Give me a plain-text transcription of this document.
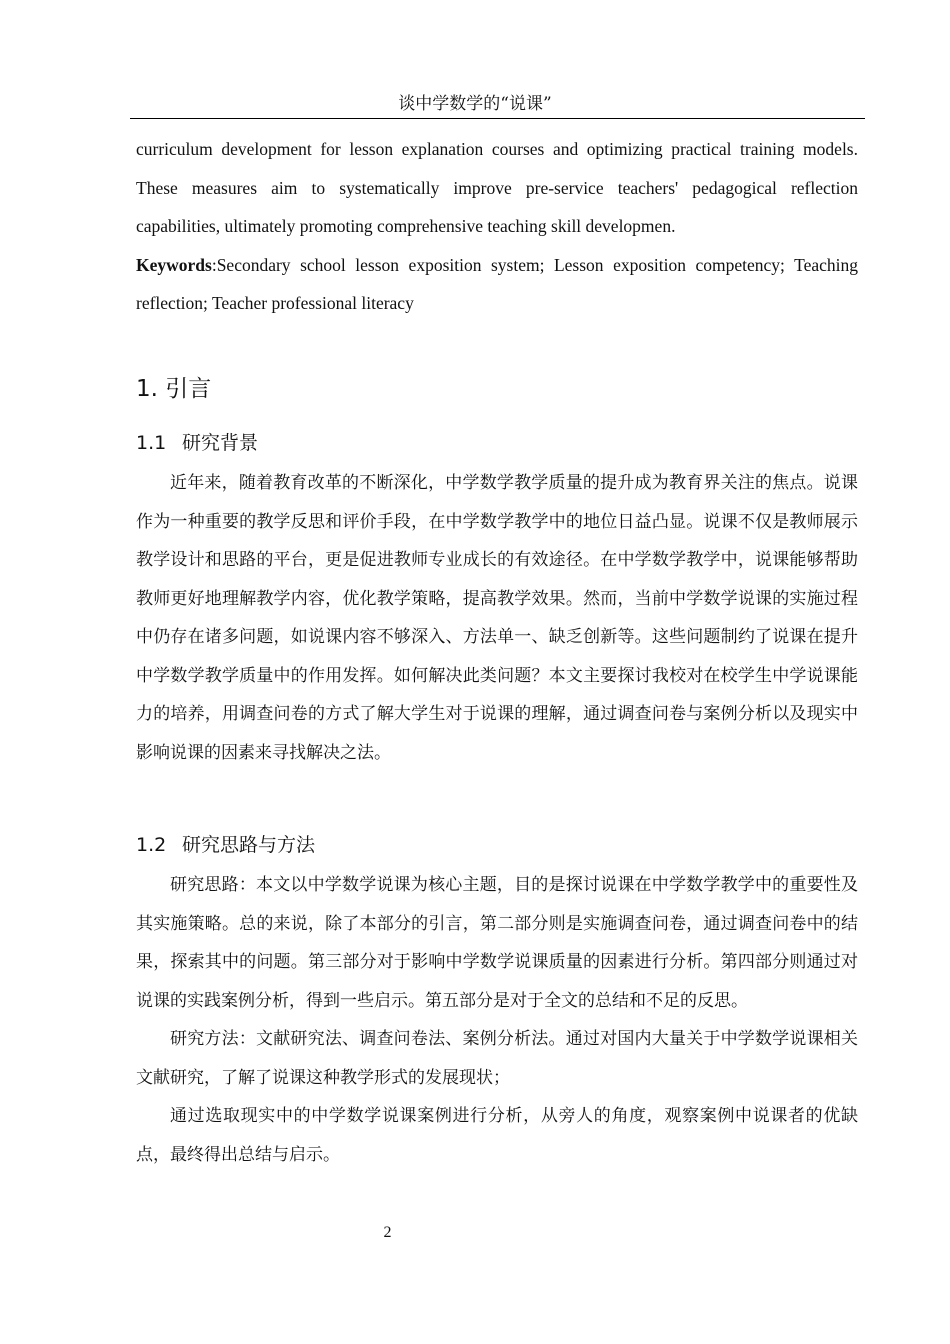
谈中学数学的“说课”

curriculum development for lesson explanation courses and optimizing practical training models. These measures aim to systematically improve pre-service teachers' pedagogical reflection capabilities, ultimately promoting comprehensive teaching skill developmen.

Keywords:Secondary school lesson exposition system; Lesson exposition competency; Teaching reflection; Teacher professional literacy

1. 引言
1.1 研究背景

近年来，随着教育改革的不断深化，中学数学教学质量的提升成为教育界关注的焦点。说课作为一种重要的教学反思和评价手段，在中学数学教学中的地位日益凸显。说课不仅是教师展示教学设计和思路的平台，更是促进教师专业成长的有效途径。在中学数学教学中，说课能够帮助教师更好地理解教学内容，优化教学策略，提高教学效果。然而，当前中学数学说课的实施过程中仍存在诸多问题，如说课内容不够深入、方法单一、缺乏创新等。这些问题制约了说课在提升中学数学教学质量中的作用发挥。如何解决此类问题？本文主要探讨我校对在校学生中学说课能力的培养，用调查问卷的方式了解大学生对于说课的理解，通过调查问卷与案例分析以及现实中影响说课的因素来寻找解决之法。

1.2 研究思路与方法

研究思路：本文以中学数学说课为核心主题，目的是探讨说课在中学数学教学中的重要性及其实施策略。总的来说，除了本部分的引言，第二部分则是实施调查问卷，通过调查问卷中的结果，探索其中的问题。第三部分对于影响中学数学说课质量的因素进行分析。第四部分则通过对说课的实践案例分析，得到一些启示。第五部分是对于全文的总结和不足的反思。

研究方法：文献研究法、调查问卷法、案例分析法。通过对国内大量关于中学数学说课相关文献研究，了解了说课这种教学形式的发展现状；

通过选取现实中的中学数学说课案例进行分析，从旁人的角度，观察案例中说课者的优缺点，最终得出总结与启示。

2
